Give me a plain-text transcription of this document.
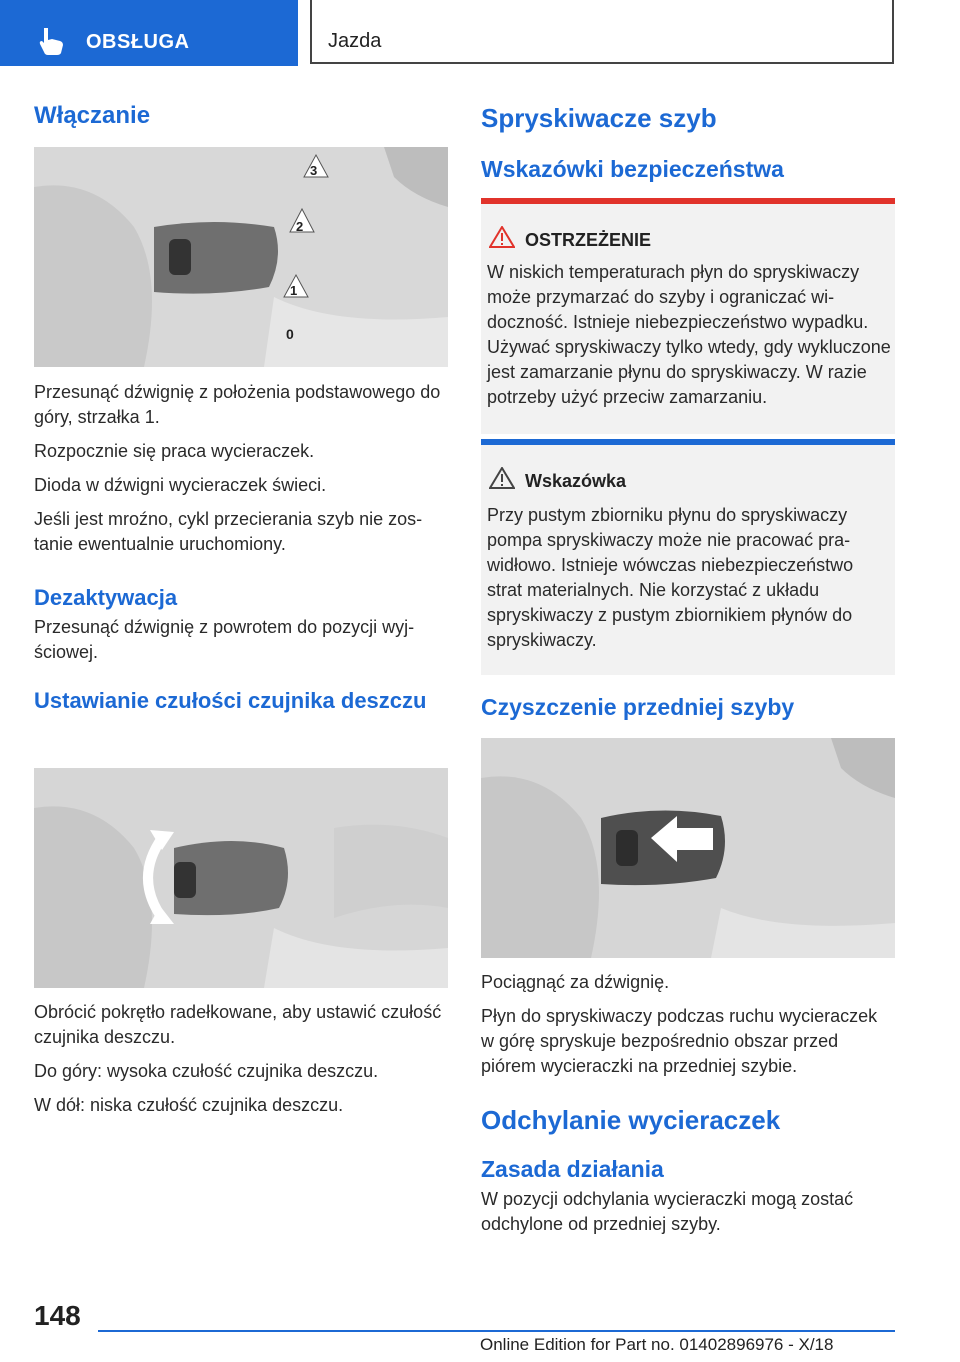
OBSŁUGA	Jazda
Włączanie
3
2
1
0

Przesunąć dźwignię z położenia podstawowego do góry, strzałka 1.

Rozpocznie się praca wycieraczek.

Dioda w dźwigni wycieraczek świeci.

Jeśli jest mroźno, cykl przecierania szyb nie zostanie ewentualnie uruchomiony.

Dezaktywacja

Przesunąć dźwignię z powrotem do pozycji wyjściowej.

Ustawianie czułości czujnika deszczu

Obrócić pokrętło radełkowane, aby ustawić czułość czujnika deszczu.

Do góry: wysoka czułość czujnika deszczu.

W dół: niska czułość czujnika deszczu.

Spryskiwacze szyb
Wskazówki bezpieczeństwa
OSTRZEŻENIE

W niskich temperaturach płyn do spryskiwaczy może przymarzać do szyby i ograniczać widoczność. Istnieje niebezpieczeństwo wypadku. Używać spryskiwaczy tylko wtedy, gdy wykluczone jest zamarzanie płynu do spryskiwaczy. W razie potrzeby użyć przeciw zamarzaniu.

Wskazówka

Przy pustym zbiorniku płynu do spryskiwaczy pompa spryskiwaczy może nie pracować prawidłowo. Istnieje wówczas niebezpieczeństwo strat materialnych. Nie korzystać z układu spryskiwaczy z pustym zbiornikiem płynów do spryskiwaczy.

Czyszczenie przedniej szyby

Pociągnąć za dźwignię.

Płyn do spryskiwaczy podczas ruchu wycieraczek w górę spryskuje bezpośrednio obszar przed piórem wycieraczki na przedniej szybie.

Odchylanie wycieraczek
Zasada działania

W pozycji odchylania wycieraczki mogą zostać odchylone od przedniej szyby.

148
Online Edition for Part no. 01402896976 - X/18
